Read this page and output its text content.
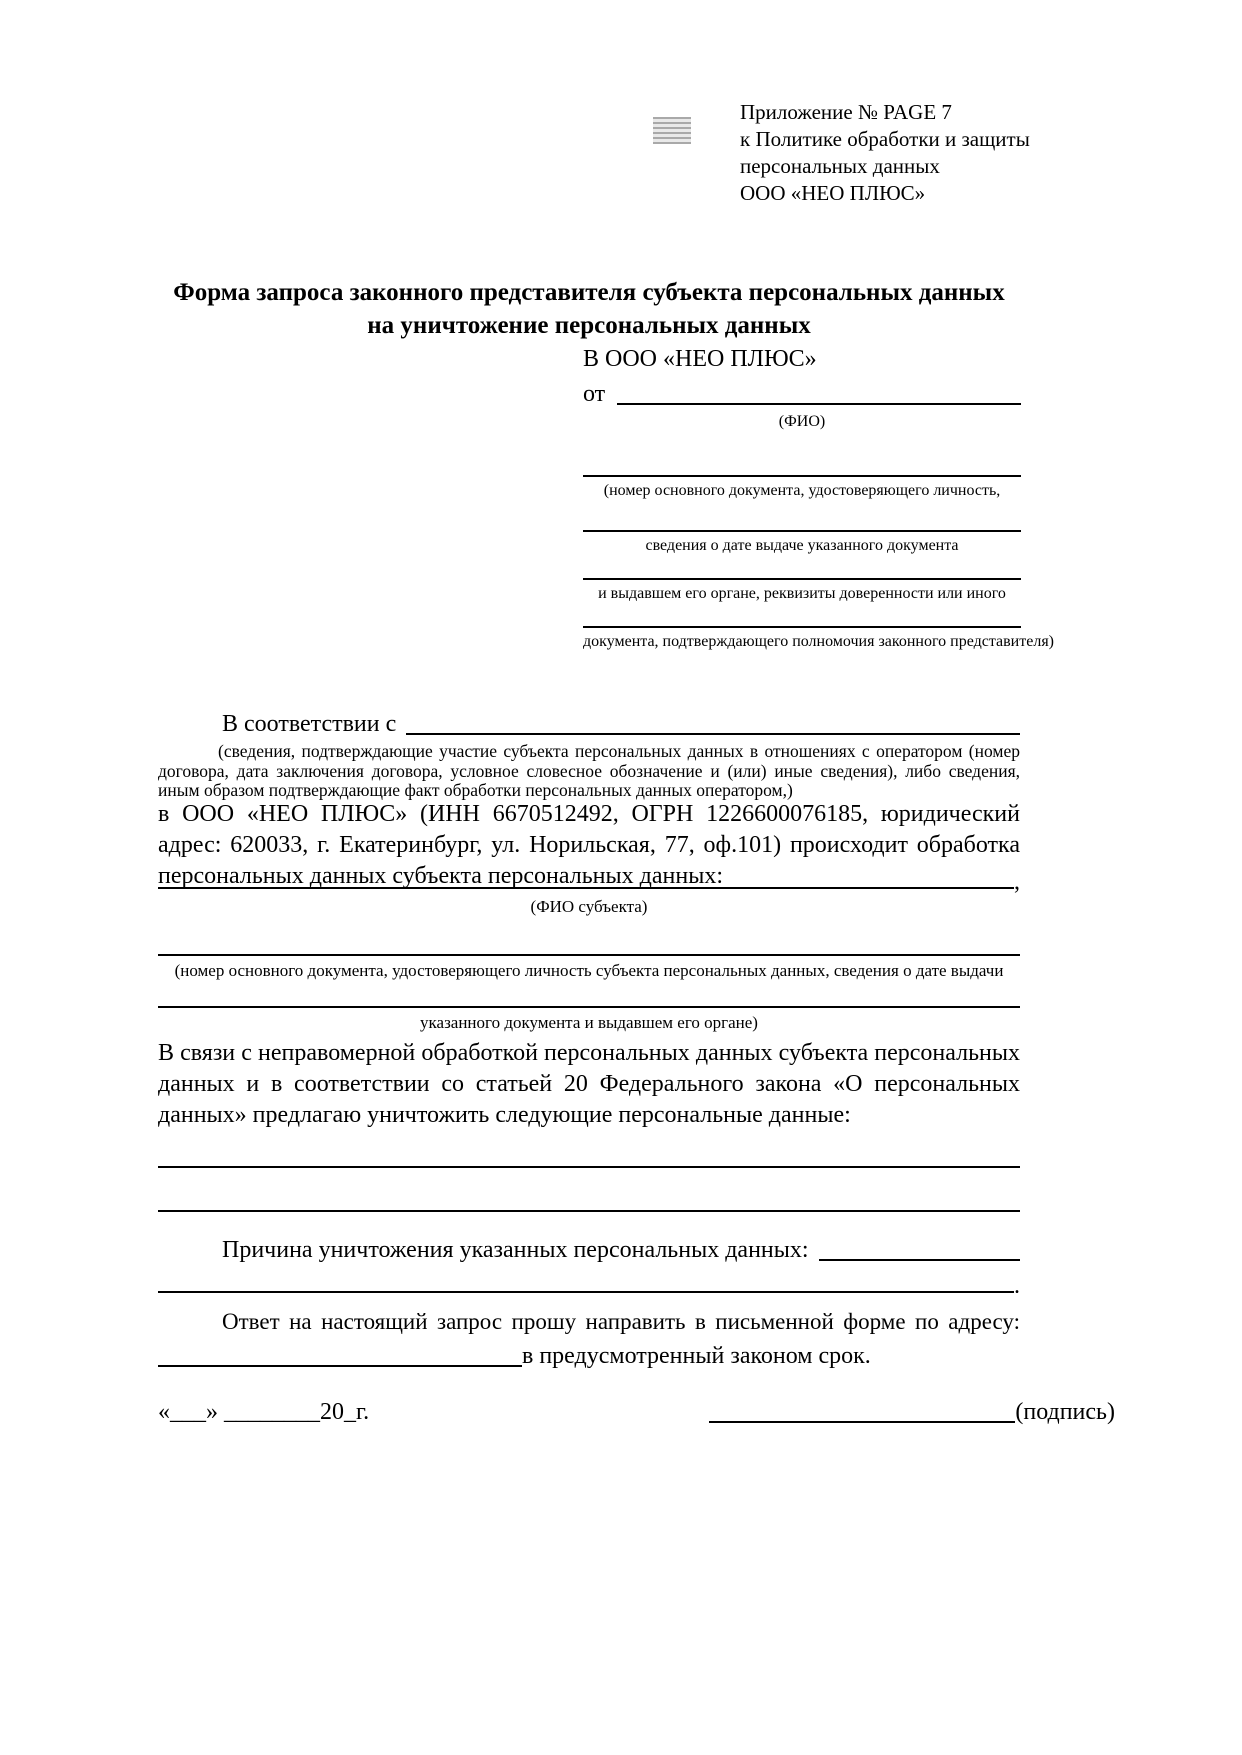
Приложение № PAGE 7
к Политике обработки и защиты
персональных данных
ООО «НЕО ПЛЮС»
Форма запроса законного представителя субъекта персональных данных
на уничтожение персональных данных
В ООО «НЕО ПЛЮС»
от
(ФИО)
(номер основного документа, удостоверяющего личность,
сведения о дате выдаче указанного документа
и выдавшем его органе, реквизиты доверенности или иного
документа, подтверждающего полномочия законного представителя)
В соответствии с
(сведения, подтверждающие участие субъекта персональных данных в отношениях с оператором (номер договора, дата заключения договора, условное словесное обозначение и (или) иные сведения), либо сведения, иным образом подтверждающие факт обработки персональных данных оператором,)
в ООО «НЕО ПЛЮС» (ИНН 6670512492, ОГРН 1226600076185, юридический адрес: 620033, г. Екатеринбург, ул. Норильская, 77, оф.101) происходит обработка персональных данных субъекта персональных данных:	,
(ФИО субъекта)
(номер основного документа, удостоверяющего личность субъекта персональных данных, сведения о дате выдачи
указанного документа и выдавшем его органе)
В связи с неправомерной обработкой персональных данных субъекта персональных данных и в соответствии со статьей 20 Федерального закона «О персональных данных» предлагаю уничтожить следующие персональные данные:
Причина уничтожения указанных персональных данных:
.
Ответ на настоящий запрос прошу направить в письменной форме по адресу:
в предусмотренный законом срок.
«___» ________20_г.	(подпись)
